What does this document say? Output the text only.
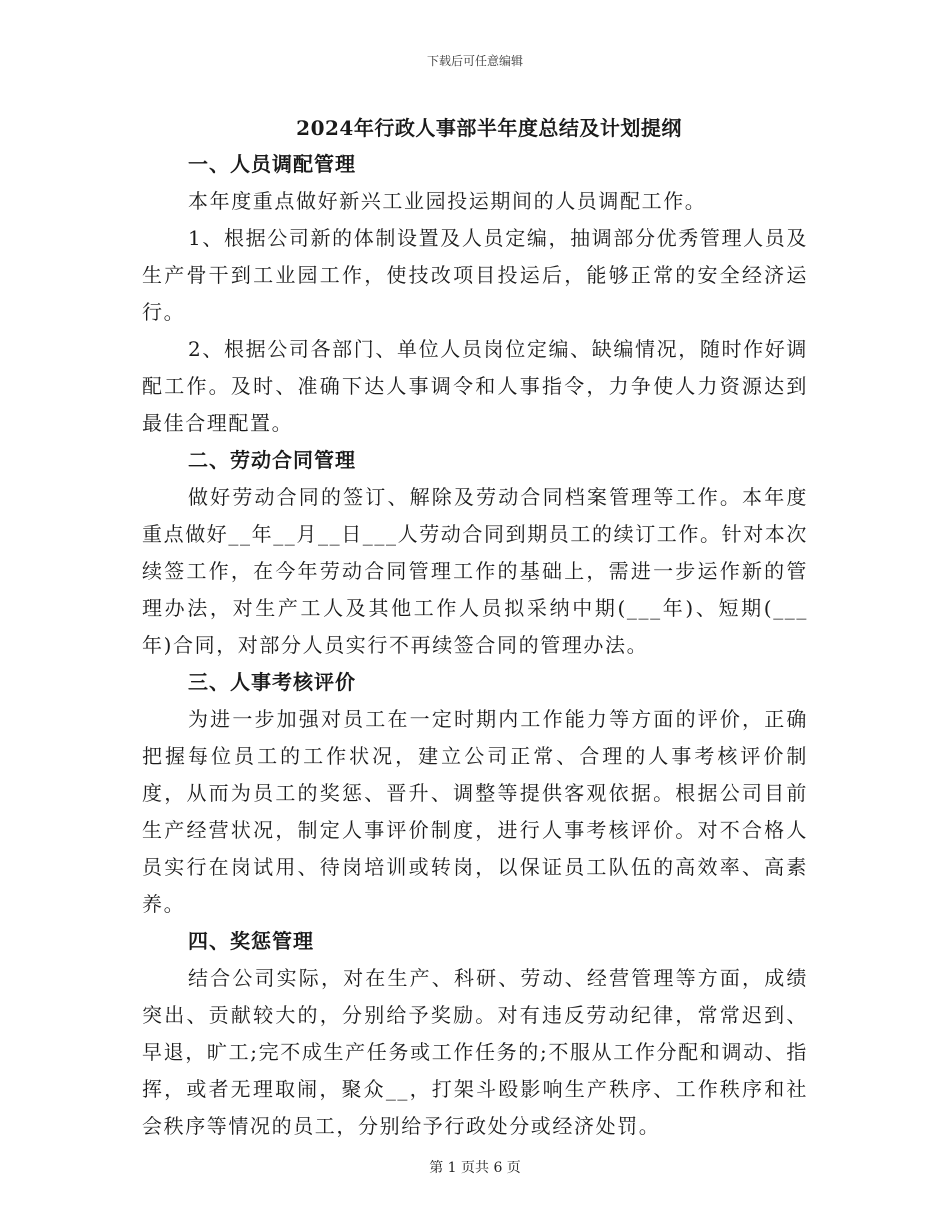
下载后可任意编辑
2024年行政人事部半年度总结及计划提纲
一、人员调配管理

本年度重点做好新兴工业园投运期间的人员调配工作。

1、根据公司新的体制设置及人员定编，抽调部分优秀管理人员及生产骨干到工业园工作，使技改项目投运后，能够正常的安全经济运行。

2、根据公司各部门、单位人员岗位定编、缺编情况，随时作好调配工作。及时、准确下达人事调令和人事指令，力争使人力资源达到最佳合理配置。

二、劳动合同管理

做好劳动合同的签订、解除及劳动合同档案管理等工作。本年度重点做好__年__月__日___人劳动合同到期员工的续订工作。针对本次续签工作，在今年劳动合同管理工作的基础上，需进一步运作新的管理办法，对生产工人及其他工作人员拟采纳中期(___年)、短期(___年)合同，对部分人员实行不再续签合同的管理办法。

三、人事考核评价

为进一步加强对员工在一定时期内工作能力等方面的评价，正确把握每位员工的工作状况，建立公司正常、合理的人事考核评价制度，从而为员工的奖惩、晋升、调整等提供客观依据。根据公司目前生产经营状况，制定人事评价制度，进行人事考核评价。对不合格人员实行在岗试用、待岗培训或转岗，以保证员工队伍的高效率、高素养。

四、奖惩管理

结合公司实际，对在生产、科研、劳动、经营管理等方面，成绩突出、贡献较大的，分别给予奖励。对有违反劳动纪律，常常迟到、早退，旷工;完不成生产任务或工作任务的;不服从工作分配和调动、指挥，或者无理取闹，聚众__，打架斗殴影响生产秩序、工作秩序和社会秩序等情况的员工，分别给予行政处分或经济处罚。

第 1 页共 6 页
